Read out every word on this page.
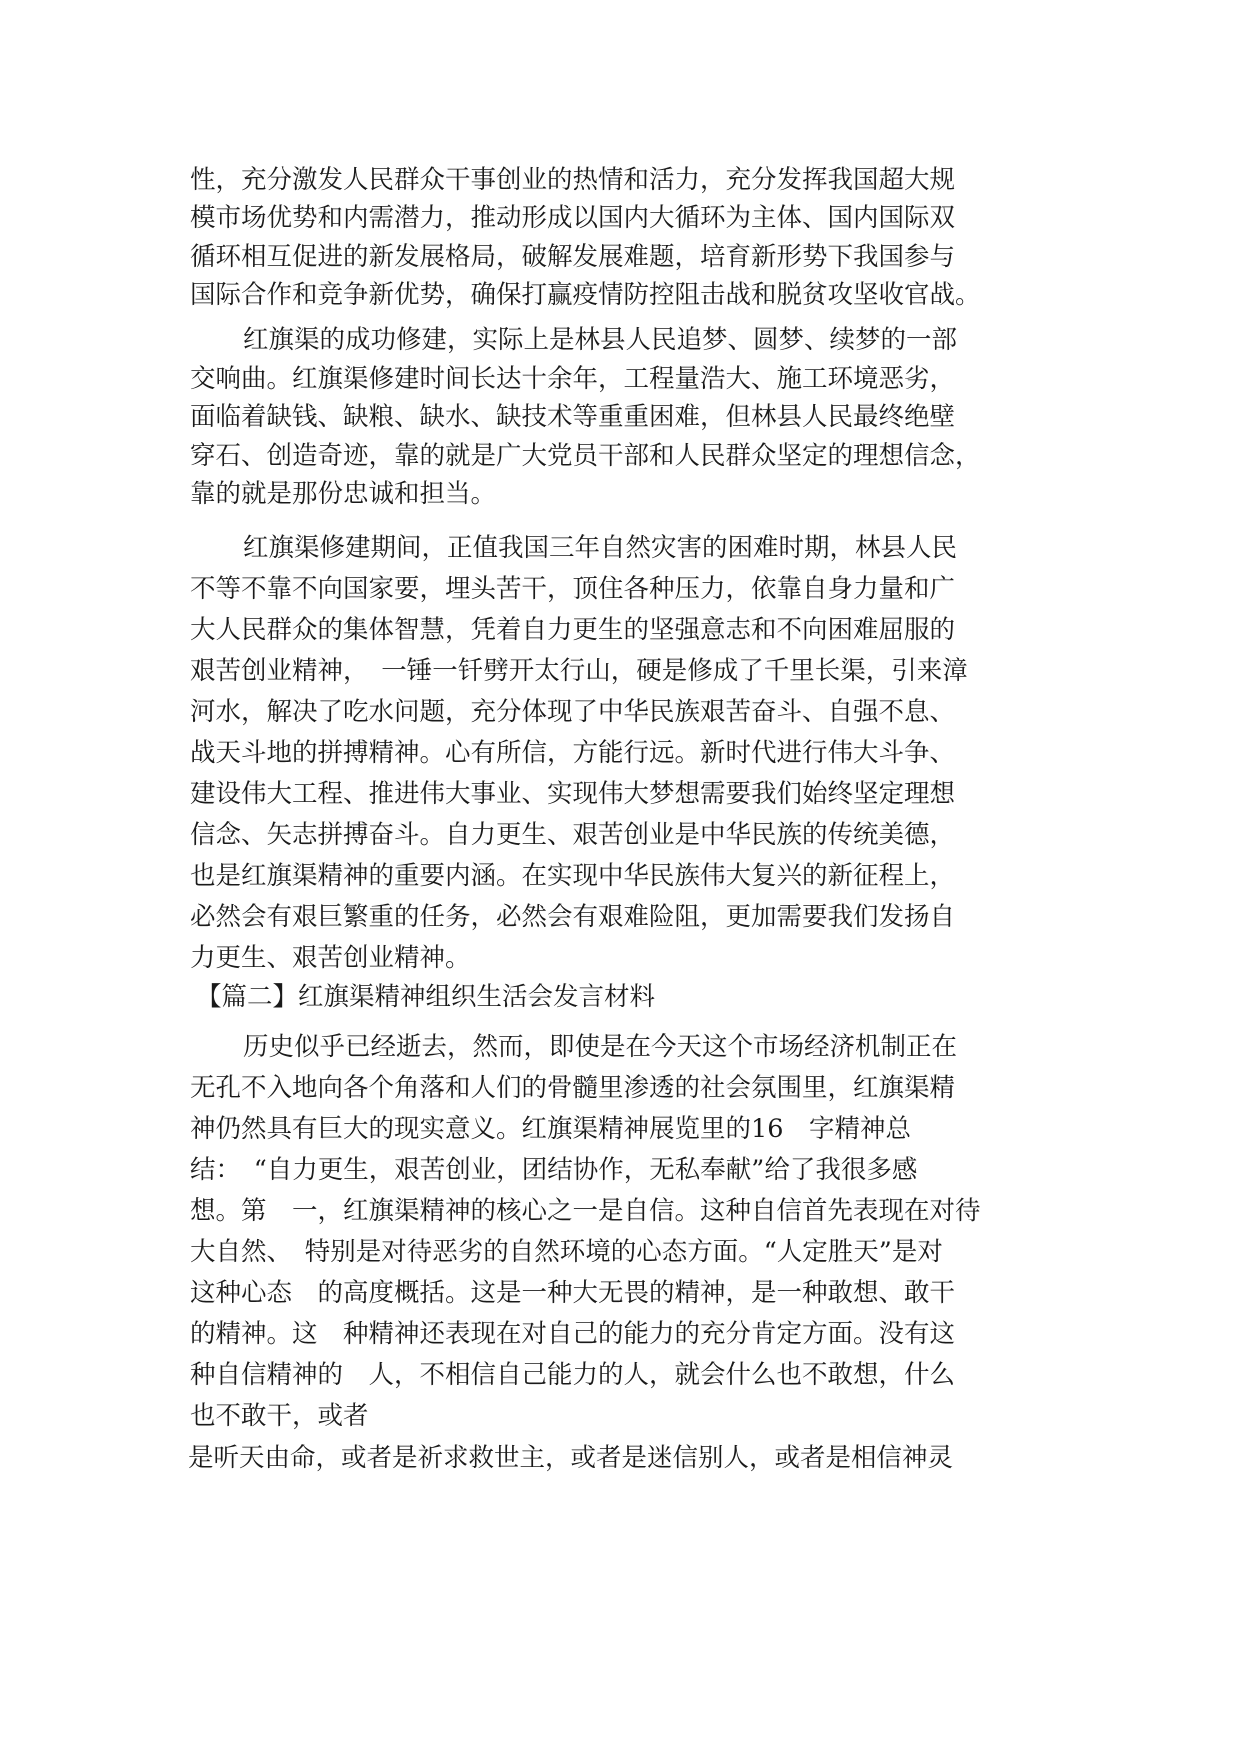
性，充分激发人民群众干事创业的热情和活力，充分发挥我国超大规
模市场优势和内需潜力，推动形成以国内大循环为主体、国内国际双
循环相互促进的新发展格局，破解发展难题，培育新形势下我国参与
国际合作和竞争新优势，确保打赢疫情防控阻击战和脱贫攻坚收官战。
红旗渠的成功修建，实际上是林县人民追梦、圆梦、续梦的一部
交响曲。红旗渠修建时间长达十余年，工程量浩大、施工环境恶劣，
面临着缺钱、缺粮、缺水、缺技术等重重困难，但林县人民最终绝壁
穿石、创造奇迹，靠的就是广大党员干部和人民群众坚定的理想信念，
靠的就是那份忠诚和担当。
红旗渠修建期间，正值我国三年自然灾害的困难时期，林县人民
不等不靠不向国家要，埋头苦干，顶住各种压力，依靠自身力量和广
大人民群众的集体智慧，凭着自力更生的坚强意志和不向困难屈服的
艰苦创业精神，　一锤一钎劈开太行山，硬是修成了千里长渠，引来漳
河水，解决了吃水问题，充分体现了中华民族艰苦奋斗、自强不息、
战天斗地的拼搏精神。心有所信，方能行远。新时代进行伟大斗争、
建设伟大工程、推进伟大事业、实现伟大梦想需要我们始终坚定理想
信念、矢志拼搏奋斗。自力更生、艰苦创业是中华民族的传统美德，
也是红旗渠精神的重要内涵。在实现中华民族伟大复兴的新征程上，
必然会有艰巨繁重的任务，必然会有艰难险阻，更加需要我们发扬自
力更生、艰苦创业精神。
【篇二】红旗渠精神组织生活会发言材料
历史似乎已经逝去，然而，即使是在今天这个市场经济机制正在
无孔不入地向各个角落和人们的骨髓里渗透的社会氛围里，红旗渠精
神仍然具有巨大的现实意义。红旗渠精神展览里的16　字精神总
结：　“自力更生，艰苦创业，团结协作，无私奉献”给了我很多感
想。第　一，红旗渠精神的核心之一是自信。这种自信首先表现在对待
大自然、　特别是对待恶劣的自然环境的心态方面。“人定胜天”是对
这种心态　的高度概括。这是一种大无畏的精神，是一种敢想、敢干
的精神。这　种精神还表现在对自己的能力的充分肯定方面。没有这
种自信精神的　人，不相信自己能力的人，就会什么也不敢想，什么
也不敢干，或者
是听天由命，或者是祈求救世主，或者是迷信别人，或者是相信神灵
